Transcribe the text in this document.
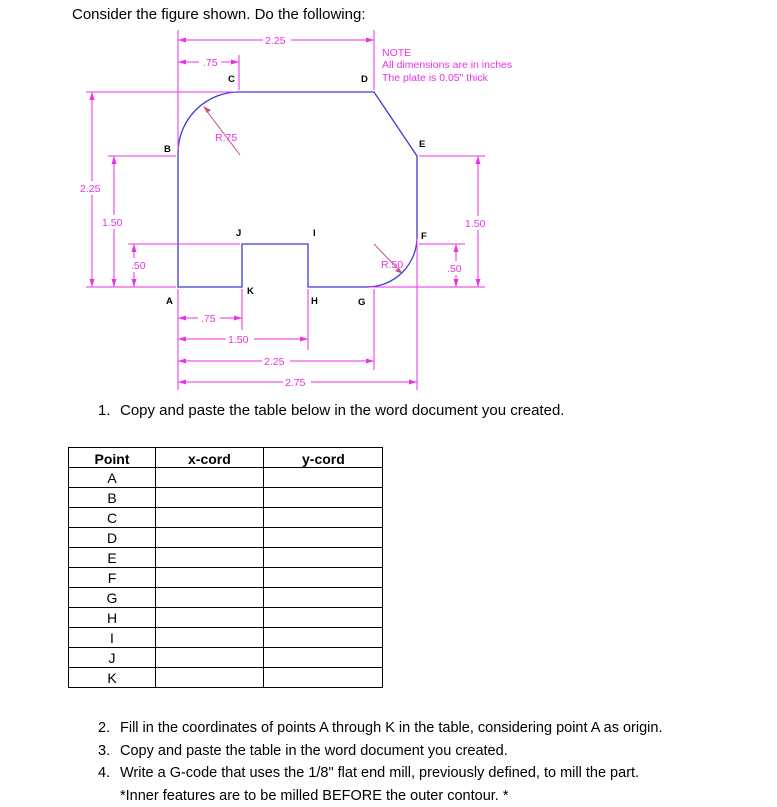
Consider the figure shown. Do the following:
2.25
.75
R.75
R.50
2.25
1.50
.50
1.50
.50
.75
1.50
2.25
2.75
NOTE
All dimensions are in inches
The plate is 0.05" thick
A
B
C	D
E
F
G
H
I
J
K
1. Copy and paste the table below in the word document you created.
Point	x-cord	y-cord
A		
B		
C		
D		
E		
F		
G		
H		
I		
J		
K		
2. Fill in the coordinates of points A through K in the table, considering point A as origin.
3. Copy and paste the table in the word document you created.
4. Write a G-code that uses the 1/8" flat end mill, previously defined, to mill the part.
*Inner features are to be milled BEFORE the outer contour. *
